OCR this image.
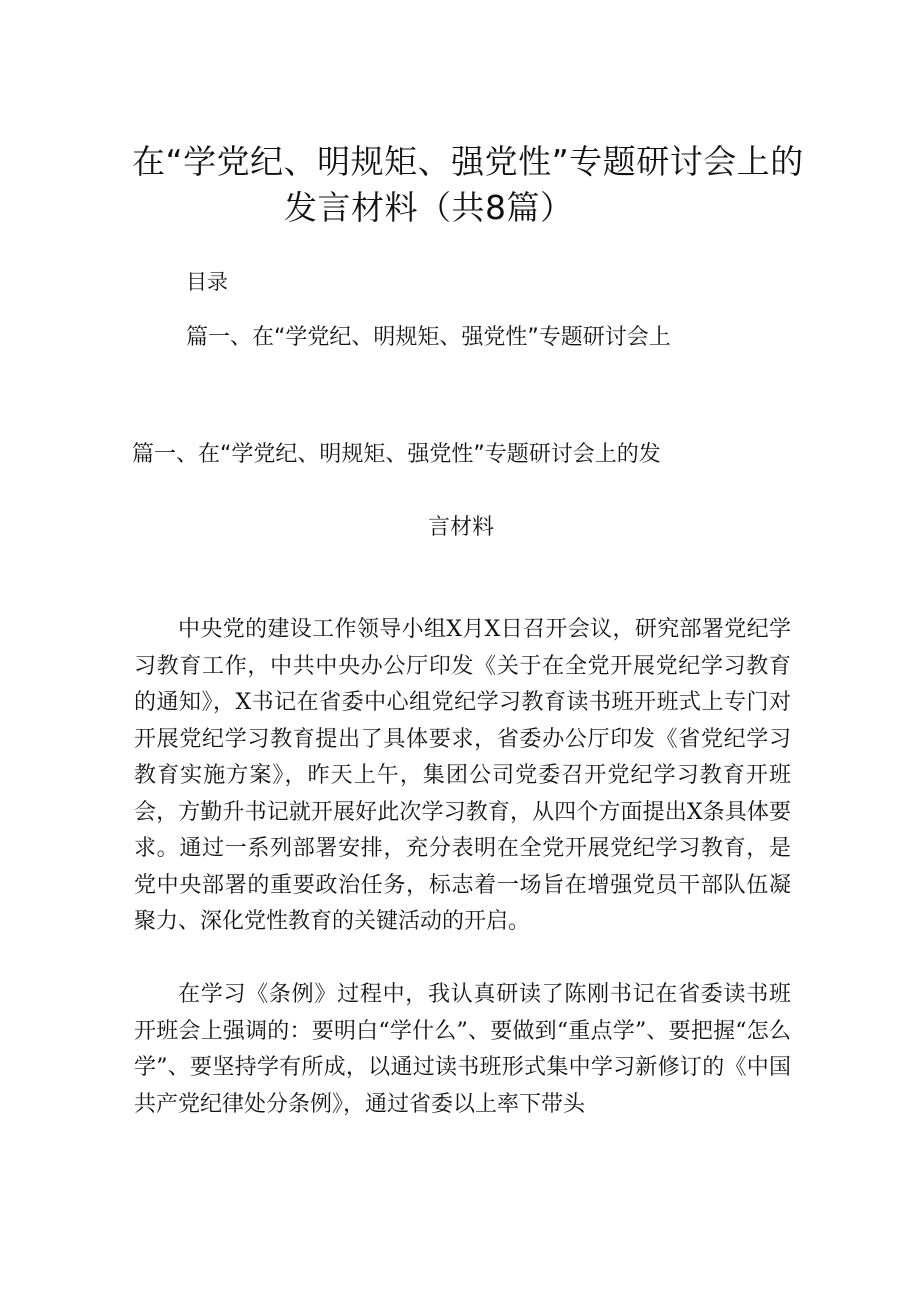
在“学党纪、明规矩、强党性”专题研讨会上的
发言材料（共8篇）
目录
篇一、在“学党纪、明规矩、强党性”专题研讨会上
篇一、在“学党纪、明规矩、强党性”专题研讨会上的发
言材料

中央党的建设工作领导小组X月X日召开会议，研究部署党纪学习教育工作，中共中央办公厅印发《关于在全党开展党纪学习教育的通知》，X书记在省委中心组党纪学习教育读书班开班式上专门对开展党纪学习教育提出了具体要求，省委办公厅印发《省党纪学习教育实施方案》，昨天上午，集团公司党委召开党纪学习教育开班会，方勤升书记就开展好此次学习教育，从四个方面提出X条具体要求。通过一系列部署安排，充分表明在全党开展党纪学习教育，是党中央部署的重要政治任务，标志着一场旨在增强党员干部队伍凝聚力、深化党性教育的关键活动的开启。

在学习《条例》过程中，我认真研读了陈刚书记在省委读书班开班会上强调的：要明白“学什么”、要做到“重点学”、要把握“怎么学”、要坚持学有所成，以通过读书班形式集中学习新修订的《中国共产党纪律处分条例》，通过省委以上率下带头
